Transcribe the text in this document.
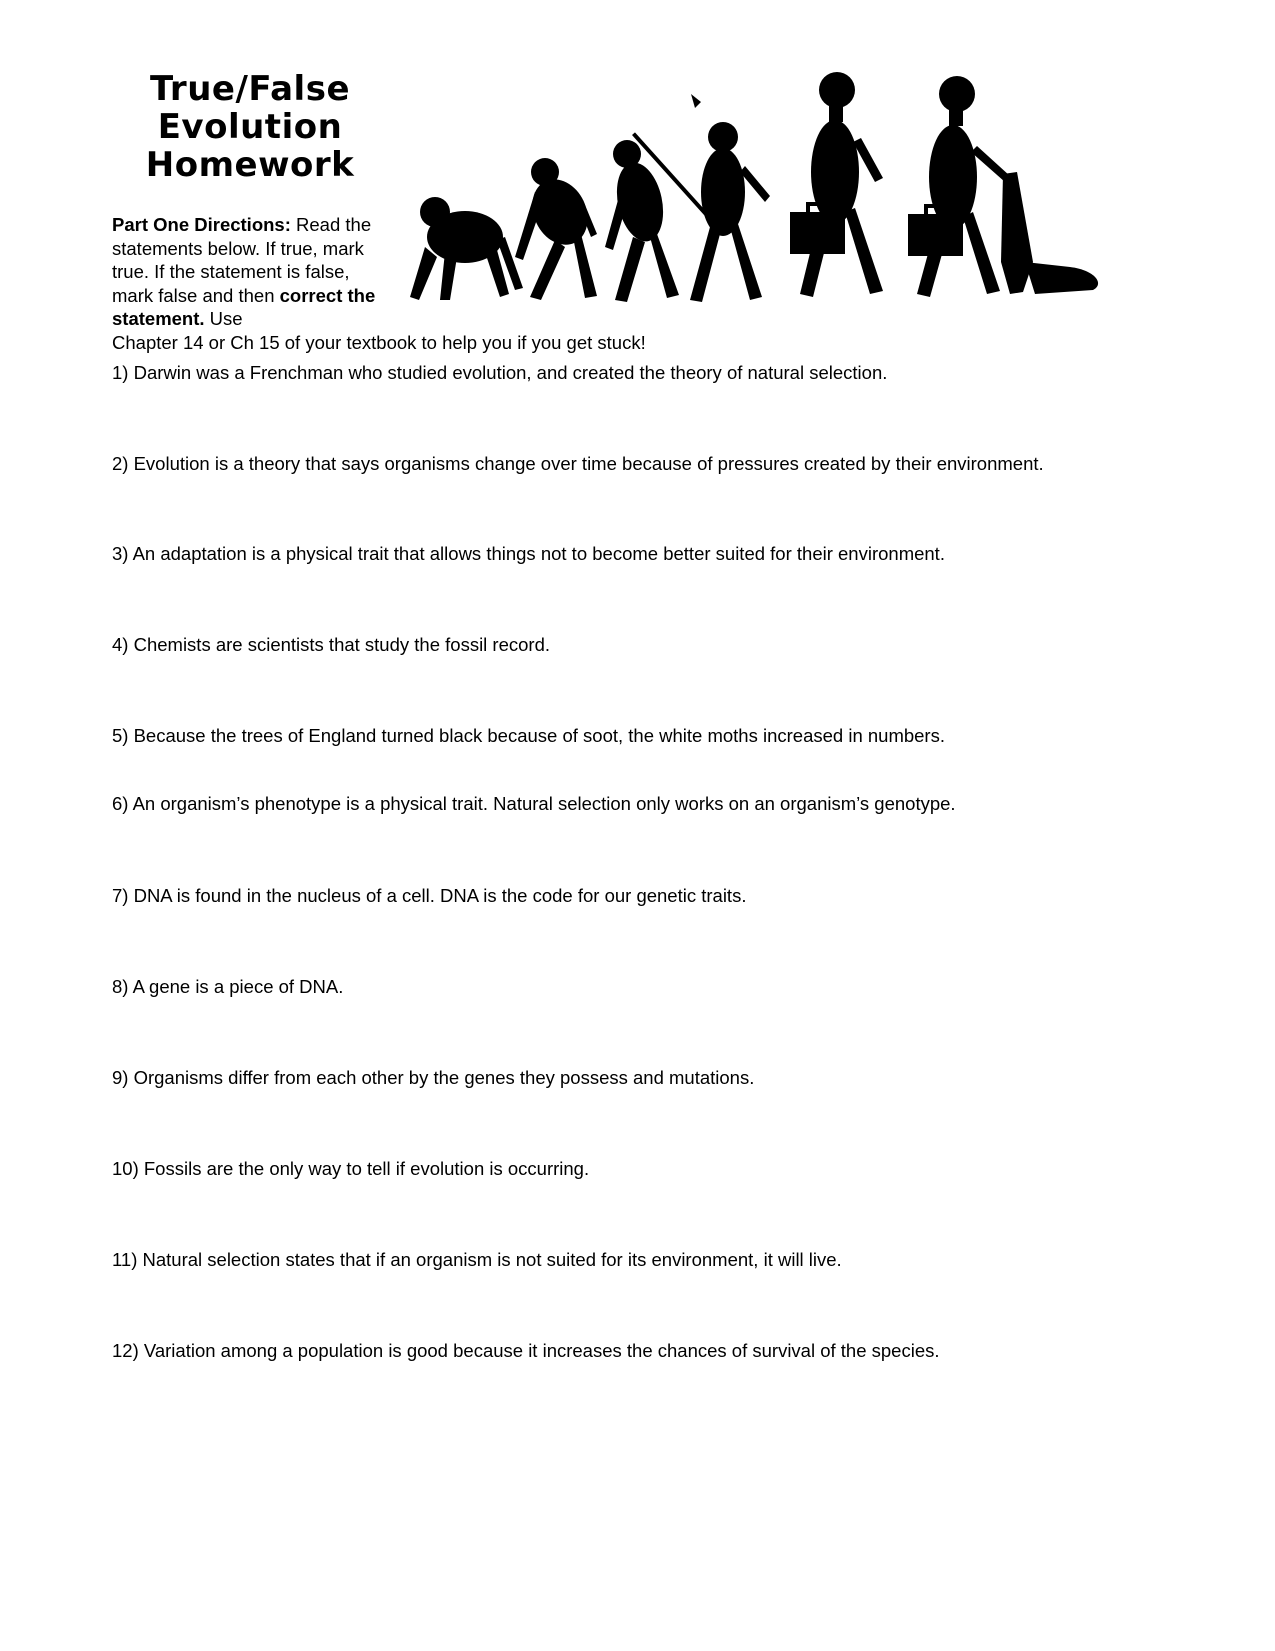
True/False
Evolution
Homework
Part One Directions: Read the statements below. If true, mark true. If the statement is false, mark false and then correct the statement. Use
Chapter 14 or Ch 15 of your textbook to help you if you get stuck!
1) Darwin was a Frenchman who studied evolution, and created the theory of natural selection.
2) Evolution is a theory that says organisms change over time because of pressures created by their environment.
3) An adaptation is a physical trait that allows things not to become better suited for their environment.
4) Chemists are scientists that study the fossil record.
5) Because the trees of England turned black because of soot, the white moths increased in numbers.
6) An organism’s phenotype is a physical trait. Natural selection only works on an organism’s genotype.
7) DNA is found in the nucleus of a cell. DNA is the code for our genetic traits.
8) A gene is a piece of DNA.
9) Organisms differ from each other by the genes they possess and mutations.
10) Fossils are the only way to tell if evolution is occurring.
11) Natural selection states that if an organism is not suited for its environment, it will live.
12) Variation among a population is good because it increases the chances of survival of the species.
